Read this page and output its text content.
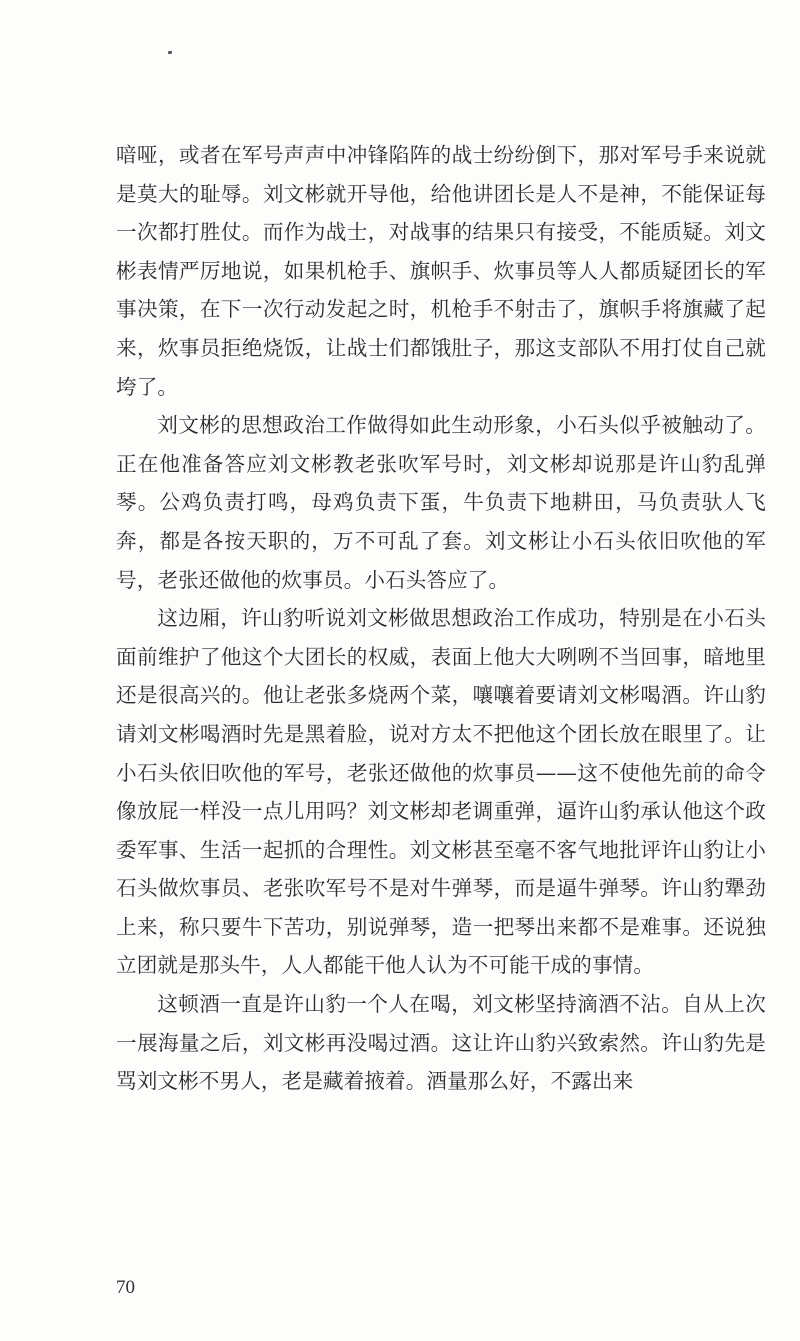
喑哑，或者在军号声声中冲锋陷阵的战士纷纷倒下，那对军号手来说就是莫大的耻辱。刘文彬就开导他，给他讲团长是人不是神，不能保证每一次都打胜仗。而作为战士，对战事的结果只有接受，不能质疑。刘文彬表情严厉地说，如果机枪手、旗帜手、炊事员等人人都质疑团长的军事决策，在下一次行动发起之时，机枪手不射击了，旗帜手将旗藏了起来，炊事员拒绝烧饭，让战士们都饿肚子，那这支部队不用打仗自己就垮了。

刘文彬的思想政治工作做得如此生动形象，小石头似乎被触动了。正在他准备答应刘文彬教老张吹军号时，刘文彬却说那是许山豹乱弹琴。公鸡负责打鸣，母鸡负责下蛋，牛负责下地耕田，马负责驮人飞奔，都是各按天职的，万不可乱了套。刘文彬让小石头依旧吹他的军号，老张还做他的炊事员。小石头答应了。

这边厢，许山豹听说刘文彬做思想政治工作成功，特别是在小石头面前维护了他这个大团长的权威，表面上他大大咧咧不当回事，暗地里还是很高兴的。他让老张多烧两个菜，嚷嚷着要请刘文彬喝酒。许山豹请刘文彬喝酒时先是黑着脸，说对方太不把他这个团长放在眼里了。让小石头依旧吹他的军号，老张还做他的炊事员——这不使他先前的命令像放屁一样没一点儿用吗？刘文彬却老调重弹，逼许山豹承认他这个政委军事、生活一起抓的合理性。刘文彬甚至毫不客气地批评许山豹让小石头做炊事员、老张吹军号不是对牛弹琴，而是逼牛弹琴。许山豹犟劲上来，称只要牛下苦功，别说弹琴，造一把琴出来都不是难事。还说独立团就是那头牛，人人都能干他人认为不可能干成的事情。

这顿酒一直是许山豹一个人在喝，刘文彬坚持滴酒不沾。自从上次一展海量之后，刘文彬再没喝过酒。这让许山豹兴致索然。许山豹先是骂刘文彬不男人，老是藏着掖着。酒量那么好，不露出来

70
